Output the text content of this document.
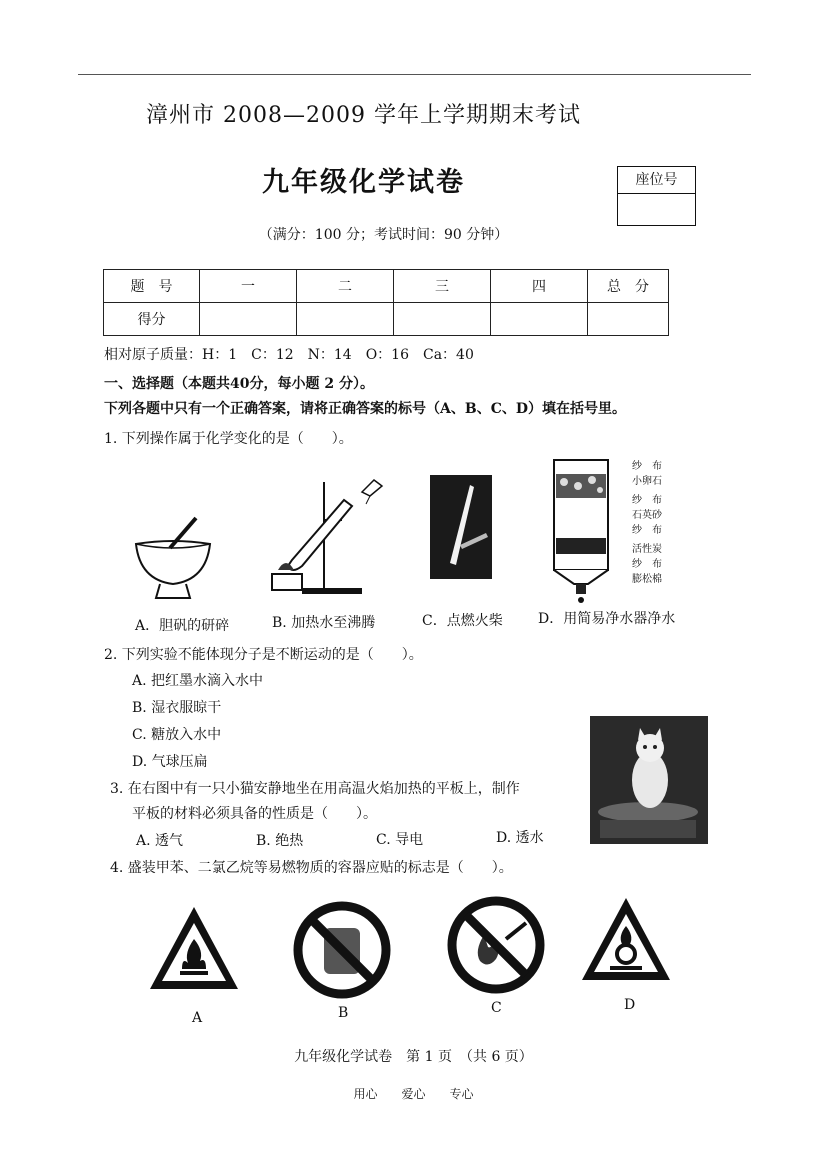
漳州市 2008—2009 学年上学期期末考试
九年级化学试卷
（满分：100 分；考试时间：90 分钟）
座位号
题　号	一	二	三	四	总　分
得分					
相对原子质量：H：1　C：12　N：14　O：16　Ca：40
一、选择题（本题共40分，每小题 2 分）。
下列各题中只有一个正确答案，请将正确答案的标号（A、B、C、D）填在括号里。
1. 下列操作属于化学变化的是（　　）。
纱　布
小卵石
纱　布
石英砂
纱　布
活性炭
纱　布
膨松棉
A．胆矾的研碎	B. 加热水至沸腾	C．点燃火柴	D．用简易净水器净水
2. 下列实验不能体现分子是不断运动的是（　　）。
A. 把红墨水滴入水中
B. 湿衣服晾干
C. 糖放入水中
D. 气球压扁
3. 在右图中有一只小猫安静地坐在用高温火焰加热的平板上，制作
平板的材料必须具备的性质是（　　）。
A. 透气	B. 绝热	C. 导电	D. 透水
4. 盛装甲苯、二氯乙烷等易燃物质的容器应贴的标志是（　　）。
A	B	C	D
九年级化学试卷　第 1 页　（共 6 页）
用心　　爱心　　专心
